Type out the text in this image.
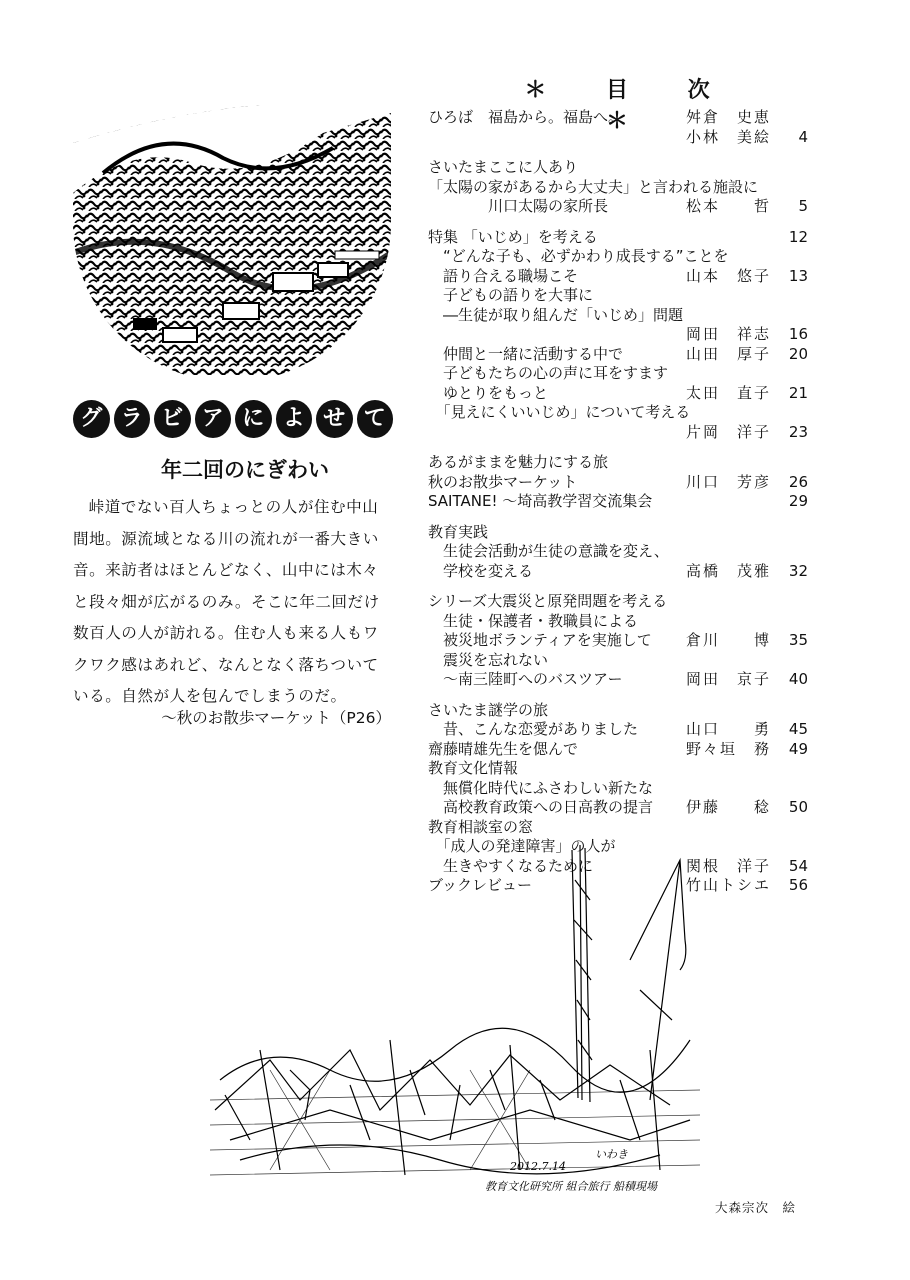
グ ラ ビ ア に よ せ て
年二回のにぎわい
峠道でない百人ちょっとの人が住む中山間地。源流域となる川の流れが一番大きい音。来訪者はほとんどなく、山中には木々と段々畑が広がるのみ。そこに年二回だけ数百人の人が訪れる。住む人も来る人もワクワク感はあれど、なんとなく落ちついている。自然が人を包んでしまうのだ。
～秋のお散歩マーケット（P26）
＊ 目 次 ＊
ひろば　福島から。福島へ。	舛倉　史恵
小林　美絵 4
さいたまここに人あり
「太陽の家があるから大丈夫」と言われる施設に
　　　　川口太陽の家所長	松本　　哲 5
特集 「いじめ」を考える	12
　“どんな子も、必ずかわり成長する”ことを
　語り合える職場こそ	山本　悠子 13
　子どもの語りを大事に
　―生徒が取り組んだ「いじめ」問題
岡田　祥志 16
　仲間と一緒に活動する中で	山田　厚子 20
　子どもたちの心の声に耳をすます
　ゆとりをもっと	太田　直子 21
　「見えにくいいじめ」について考える
片岡　洋子 23
あるがままを魅力にする旅
秋のお散歩マーケット	川口　芳彦 26
SAITANE! ～埼高教学習交流集会	29
教育実践
　生徒会活動が生徒の意識を変え、
　学校を変える	高橋　茂雅 32
シリーズ大震災と原発問題を考える
　生徒・保護者・教職員による
　被災地ボランティアを実施して 倉川　　博 35
　震災を忘れない
　～南三陸町へのバスツアー	岡田　京子 40
さいたま謎学の旅
　昔、こんな恋愛がありました	山口　　勇 45
齋藤晴雄先生を偲んで	野々垣　務 49
教育文化情報
　無償化時代にふさわしい新たな
　高校教育政策への日高教の提言 伊藤　　稔 50
教育相談室の窓
　「成人の発達障害」の人が
　生きやすくなるために	関根　洋子 54
ブックレビュー	竹山トシエ 56
2012.7.14
いわき
教育文化研究所 組合旅行 船積現場
大森宗次　絵
